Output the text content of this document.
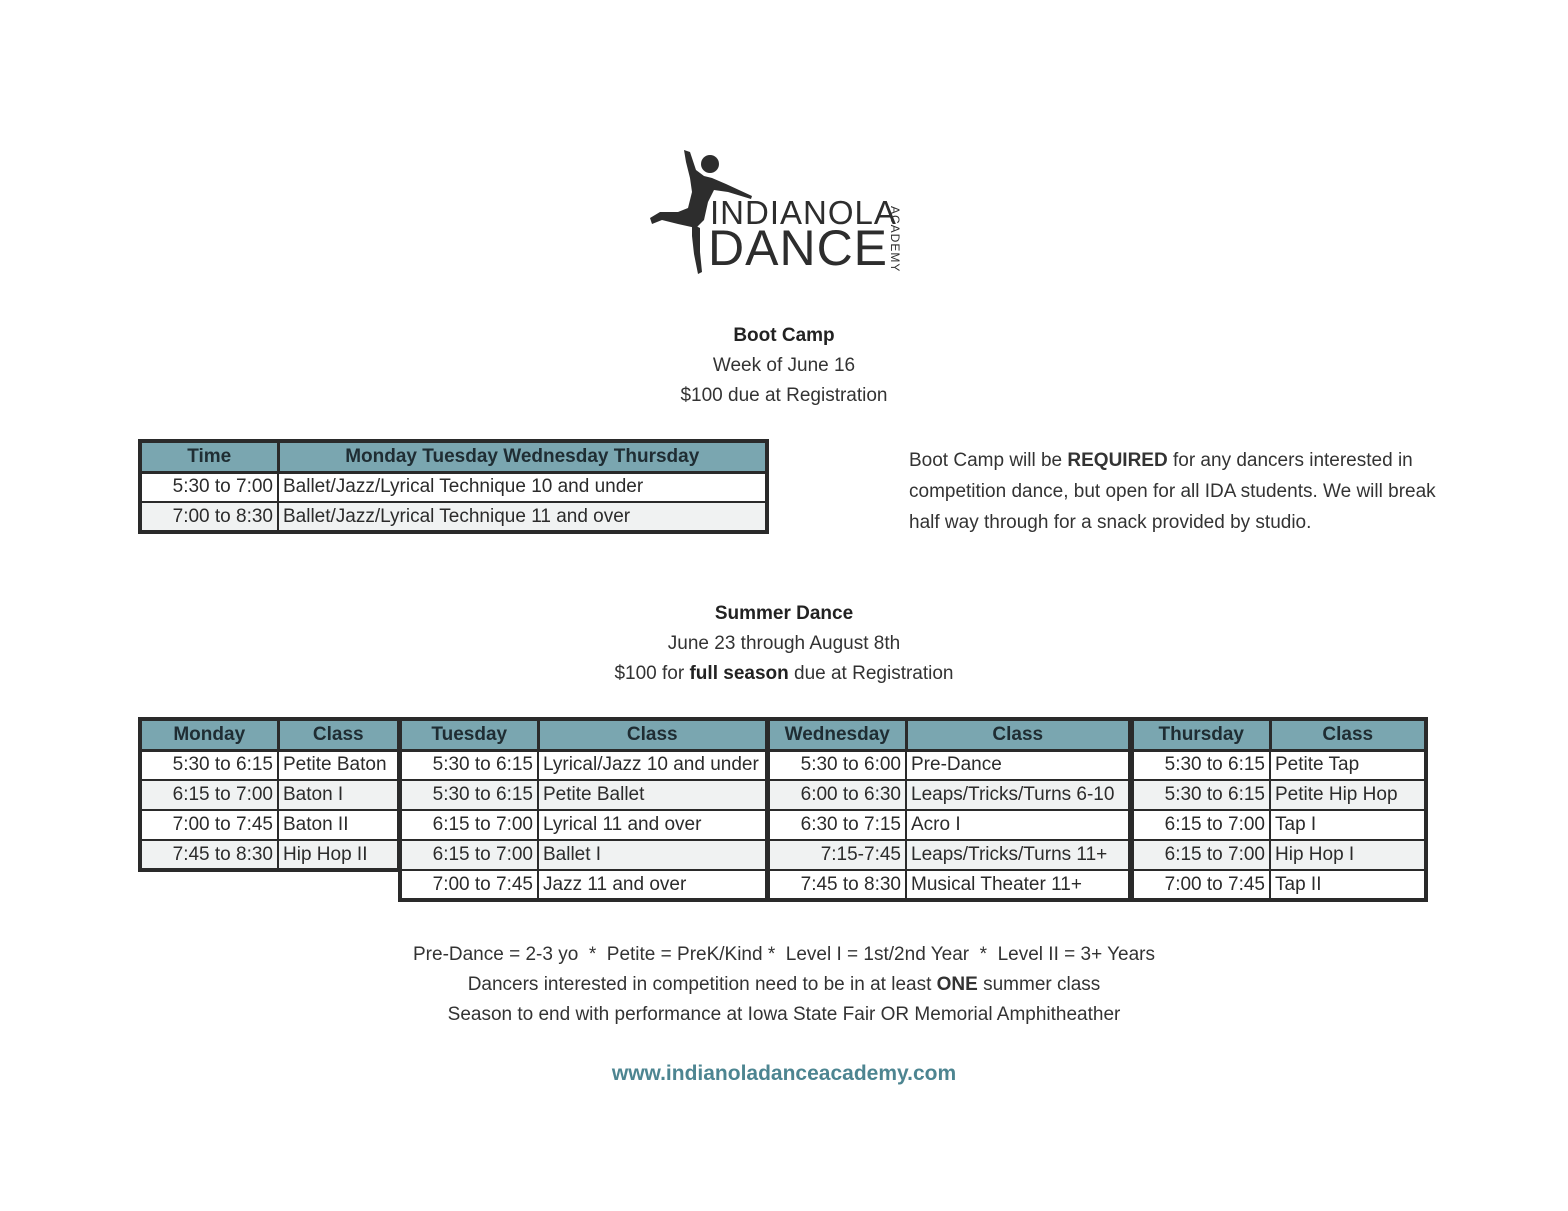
INDIANOLA
DANCE ACADEMY
Boot Camp
Week of June 16
$100 due at Registration
Time	Monday Tuesday Wednesday Thursday
5:30 to 7:00	Ballet/Jazz/Lyrical Technique 10 and under
7:00 to 8:30	Ballet/Jazz/Lyrical Technique 11 and over
Boot Camp will be REQUIRED for any dancers interested in competition dance, but open for all IDA students. We will break half way through for a snack provided by studio.
Summer Dance
June 23 through August 8th
$100 for full season due at Registration
Monday	Class
5:30 to 6:15	Petite Baton
6:15 to 7:00	Baton I
7:00 to 7:45	Baton II
7:45 to 8:30	Hip Hop II
Tuesday	Class
5:30 to 6:15	Lyrical/Jazz 10 and under
5:30 to 6:15	Petite Ballet
6:15 to 7:00	Lyrical 11 and over
6:15 to 7:00	Ballet I
7:00 to 7:45	Jazz 11 and over
Wednesday	Class
5:30 to 6:00	Pre-Dance
6:00 to 6:30	Leaps/Tricks/Turns 6-10
6:30 to 7:15	Acro I
7:15-7:45	Leaps/Tricks/Turns 11+
7:45 to 8:30	Musical Theater 11+
Thursday	Class
5:30 to 6:15	Petite Tap
5:30 to 6:15	Petite Hip Hop
6:15 to 7:00	Tap I
6:15 to 7:00	Hip Hop I
7:00 to 7:45	Tap II
Pre-Dance = 2-3 yo  *  Petite = PreK/Kind *  Level I = 1st/2nd Year  *  Level II = 3+ Years
Dancers interested in competition need to be in at least ONE summer class
Season to end with performance at Iowa State Fair OR Memorial Amphitheather
www.indianoladanceacademy.com
